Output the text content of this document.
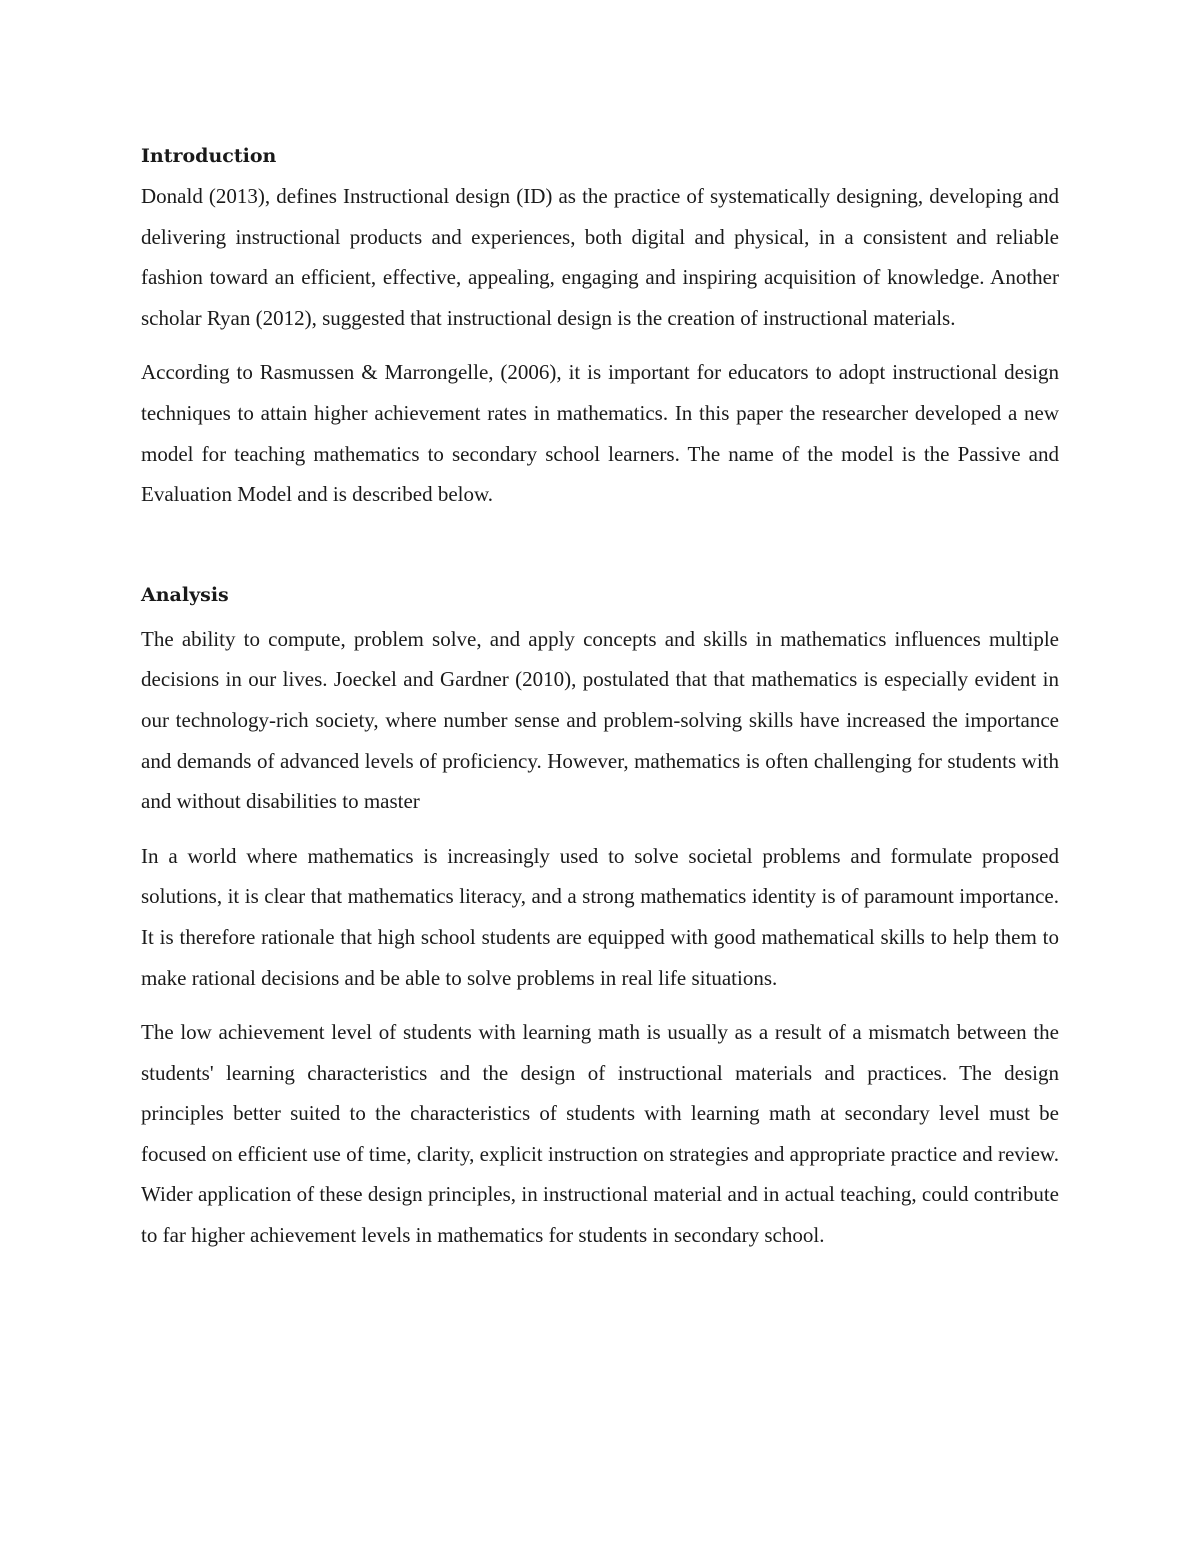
Introduction

Donald (2013), defines Instructional design (ID) as the practice of systematically designing, developing and delivering instructional products and experiences, both digital and physical, in a consistent and reliable fashion toward an efficient, effective, appealing, engaging and inspiring acquisition of knowledge. Another scholar Ryan (2012), suggested that instructional design is the creation of instructional materials.

According to Rasmussen & Marrongelle, (2006), it is important for educators to adopt instructional design techniques to attain higher achievement rates in mathematics. In this paper the researcher developed a new model for teaching mathematics to secondary school learners. The name of the model is the Passive and Evaluation Model and is described below.

Analysis

The ability to compute, problem solve, and apply concepts and skills in mathematics influences multiple decisions in our lives. Joeckel and Gardner (2010), postulated that that mathematics is especially evident in our technology-rich society, where number sense and problem-solving skills have increased the importance and demands of advanced levels of proficiency. However, mathematics is often challenging for students with and without disabilities to master

In a world where mathematics is increasingly used to solve societal problems and formulate proposed solutions, it is clear that mathematics literacy, and a strong mathematics identity is of paramount importance. It is therefore rationale that high school students are equipped with good mathematical skills to help them to make rational decisions and be able to solve problems in real life situations.

The low achievement level of students with learning math is usually as a result of a mismatch between the students' learning characteristics and the design of instructional materials and practices. The design principles better suited to the characteristics of students with learning math at secondary level must be focused on efficient use of time, clarity, explicit instruction on strategies and appropriate practice and review. Wider application of these design principles, in instructional material and in actual teaching, could contribute to far higher achievement levels in mathematics for students in secondary school.
